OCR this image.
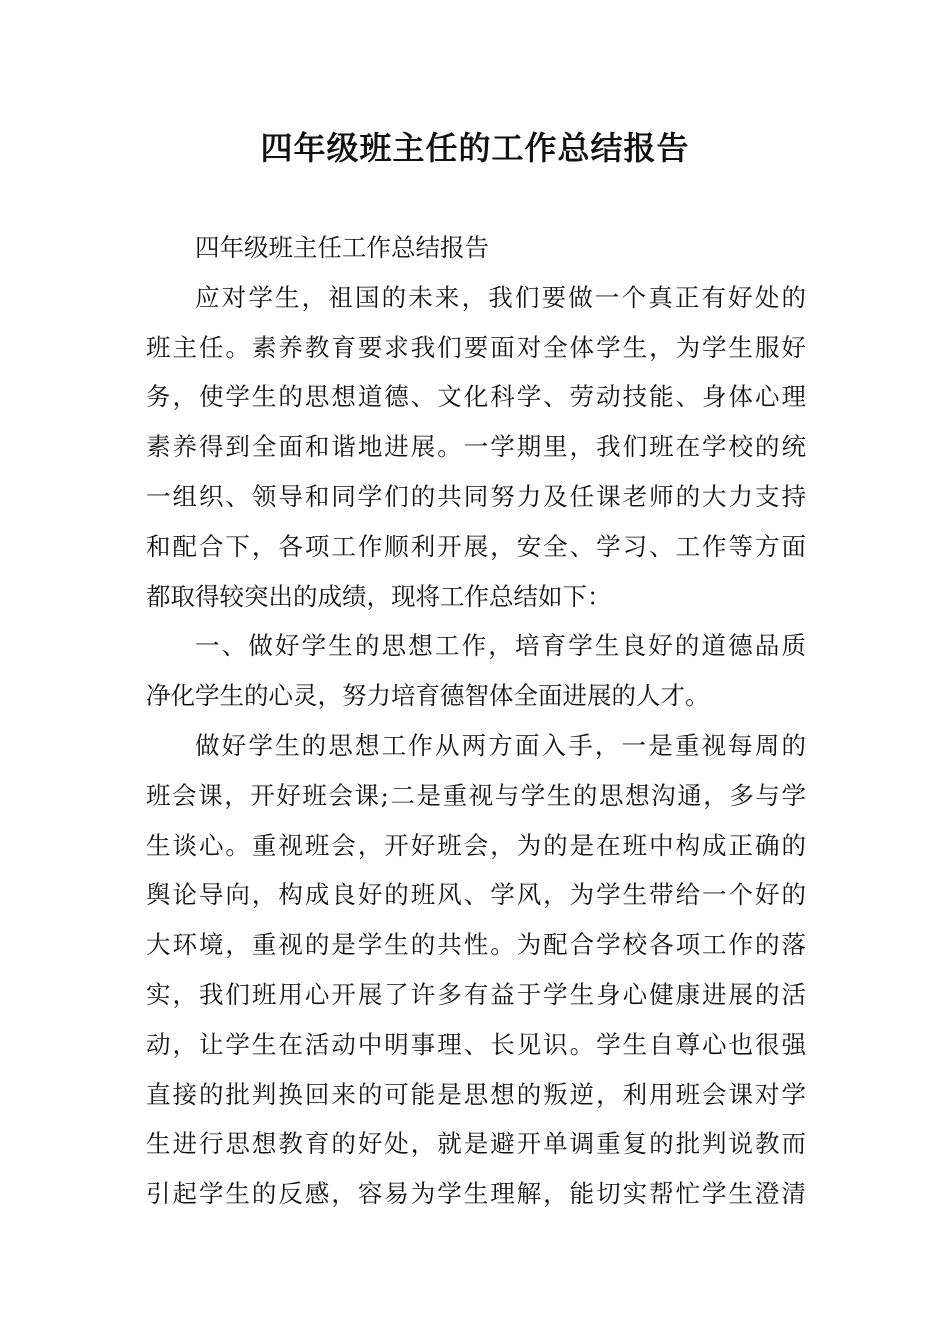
四年级班主任的工作总结报告
四年级班主任工作总结报告
应对学生，祖国的未来，我们要做一个真正有好处的
班主任。素养教育要求我们要面对全体学生，为学生服好
务，使学生的思想道德、文化科学、劳动技能、身体心理
素养得到全面和谐地进展。一学期里，我们班在学校的统
一组织、领导和同学们的共同努力及任课老师的大力支持
和配合下，各项工作顺利开展，安全、学习、工作等方面
都取得较突出的成绩，现将工作总结如下：
一、做好学生的思想工作，培育学生良好的道德品质
净化学生的心灵，努力培育德智体全面进展的人才。
做好学生的思想工作从两方面入手，一是重视每周的
班会课，开好班会课;二是重视与学生的思想沟通，多与学
生谈心。重视班会，开好班会，为的是在班中构成正确的
舆论导向，构成良好的班风、学风，为学生带给一个好的
大环境，重视的是学生的共性。为配合学校各项工作的落
实，我们班用心开展了许多有益于学生身心健康进展的活
动，让学生在活动中明事理、长见识。学生自尊心也很强
直接的批判换回来的可能是思想的叛逆，利用班会课对学
生进行思想教育的好处，就是避开单调重复的批判说教而
引起学生的反感，容易为学生理解，能切实帮忙学生澄清
